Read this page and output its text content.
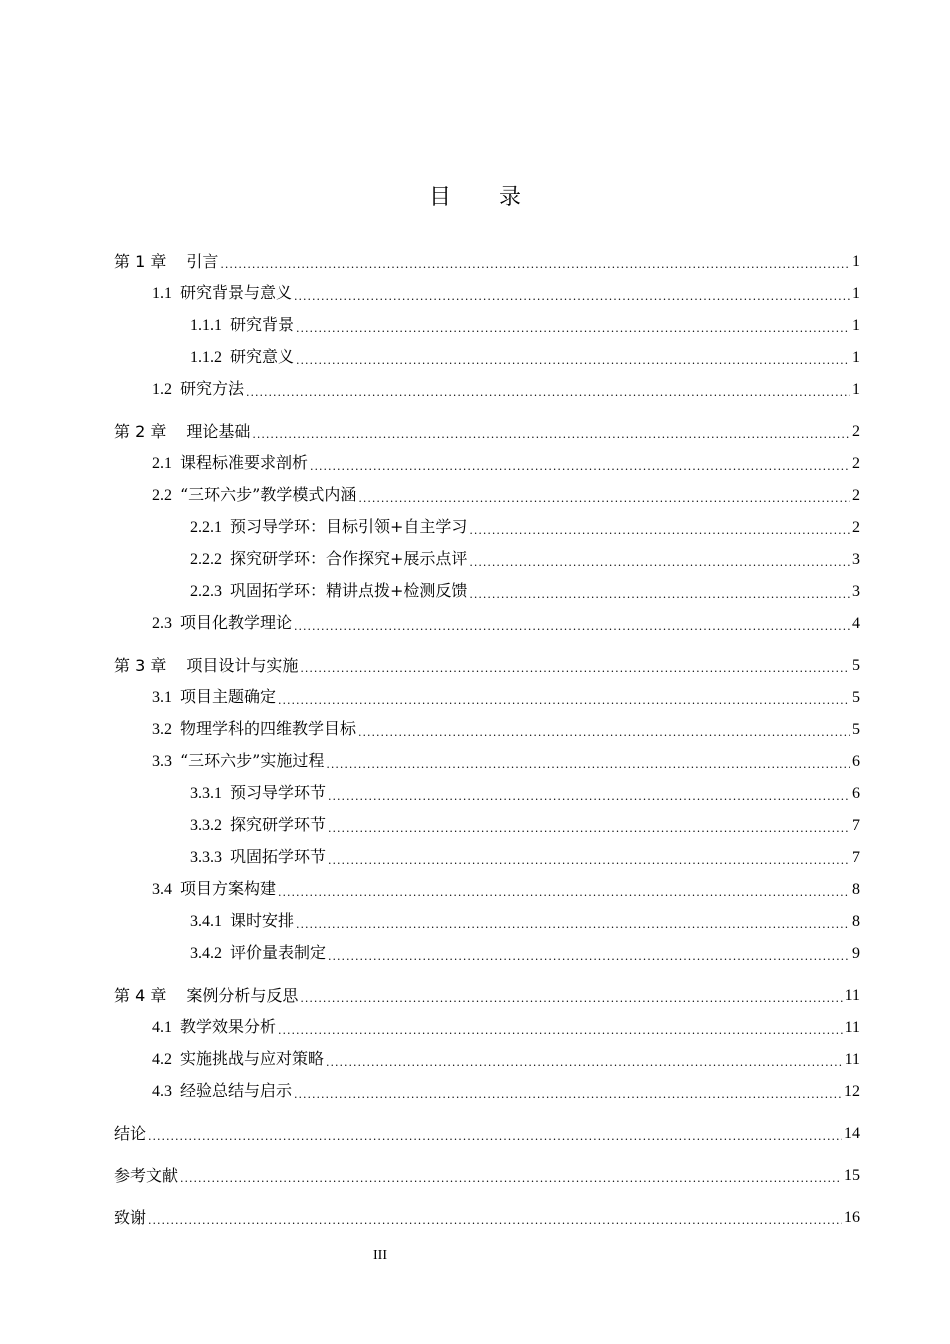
目录
第 1 章 引言 .....	1
1.1 研究背景与意义 .....	1
1.1.1 研究背景 .....	1
1.1.2 研究意义 .....	1
1.2 研究方法 .....	1
第 2 章 理论基础 .....	2
2.1 课程标准要求剖析 .....	2
2.2 “三环六步”教学模式内涵 .....	2
2.2.1 预习导学环：目标引领+自主学习 .....	2
2.2.2 探究研学环：合作探究+展示点评 .....	3
2.2.3 巩固拓学环：精讲点拨+检测反馈 .....	3
2.3 项目化教学理论 .....	4
第 3 章 项目设计与实施 .....	5
3.1 项目主题确定 .....	5
3.2 物理学科的四维教学目标 .....	5
3.3 “三环六步”实施过程 .....	6
3.3.1 预习导学环节 .....	6
3.3.2 探究研学环节 .....	7
3.3.3 巩固拓学环节 .....	7
3.4 项目方案构建 .....	8
3.4.1 课时安排 .....	8
3.4.2 评价量表制定 .....	9
第 4 章 案例分析与反思 .....	11
4.1 教学效果分析 .....	11
4.2 实施挑战与应对策略 .....	11
4.3 经验总结与启示 .....	12
结论 .....	14
参考文献 .....	15
致谢 .....	16
III
